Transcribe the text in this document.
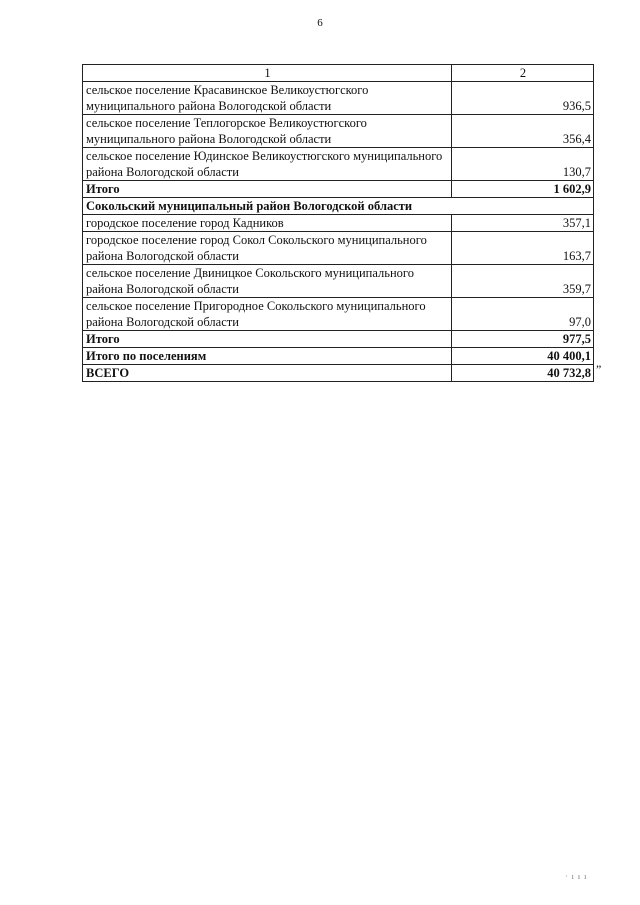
6
1	2
сельское поселение Красавинское Великоустюгского муниципального района Вологодской области	936,5
сельское поселение Теплогорское Великоустюгского муниципального района Вологодской области	356,4
сельское поселение Юдинское Великоустюгского муниципального района Вологодской области	130,7
Итого	1 602,9
Сокольский муниципальный район Вологодской области	
городское поселение город Кадников	357,1
городское поселение город Сокол Сокольского муниципального района Вологодской области	163,7
сельское поселение Двиницкое Сокольского муниципального района Вологодской области	359,7
сельское поселение Пригородное Сокольского муниципального района Вологодской области	97,0
Итого	977,5
Итого по поселениям	40 400,1
ВСЕГО	40 732,8 ”
· ı ı ı
